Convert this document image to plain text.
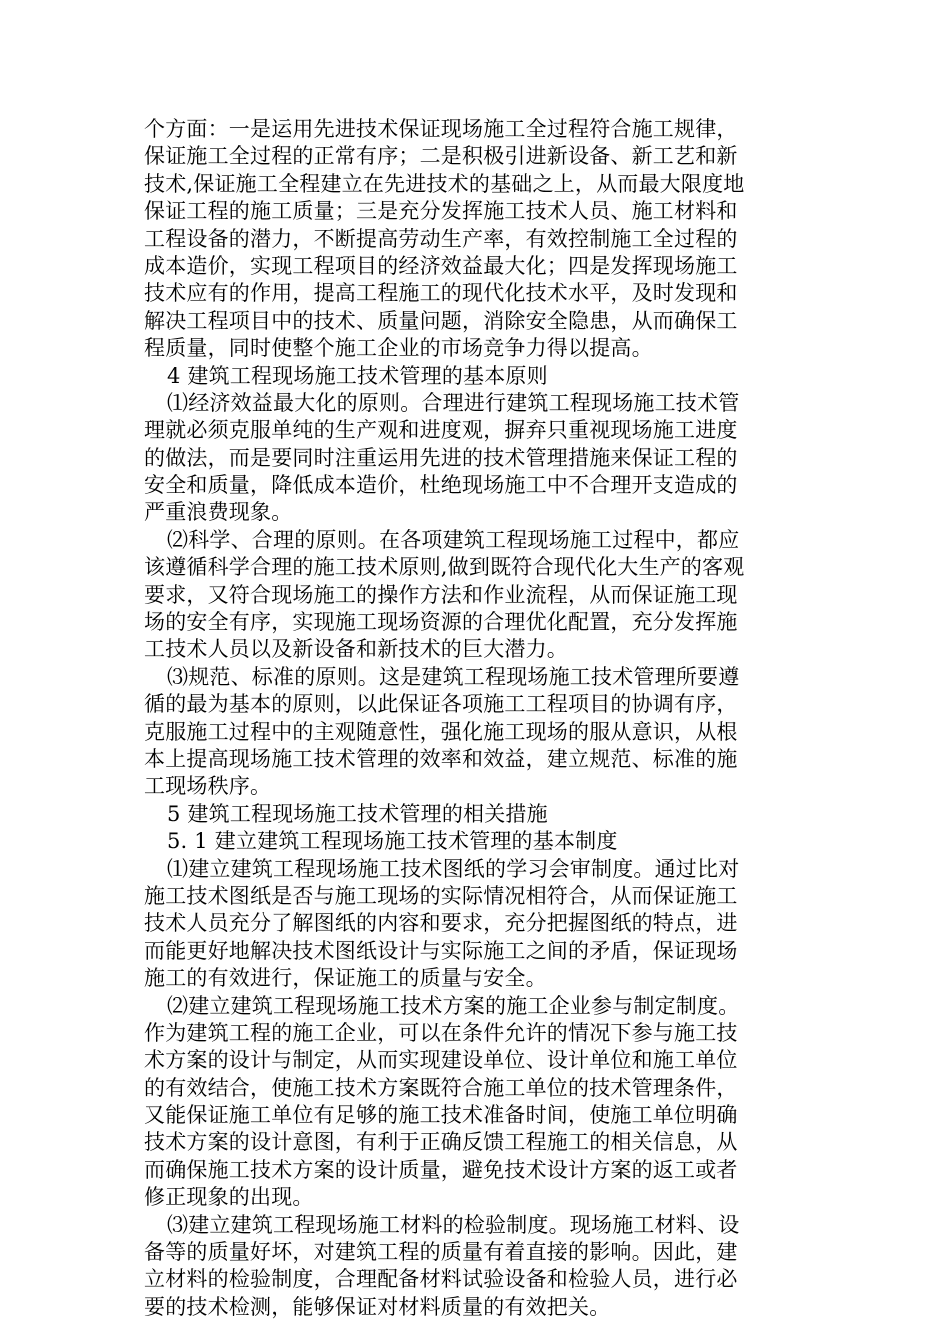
个方面：一是运用先进技术保证现场施工全过程符合施工规律，
保证施工全过程的正常有序；二是积极引进新设备、新工艺和新
技术,保证施工全程建立在先进技术的基础之上，从而最大限度地
保证工程的施工质量；三是充分发挥施工技术人员、施工材料和
工程设备的潜力，不断提高劳动生产率，有效控制施工全过程的
成本造价，实现工程项目的经济效益最大化；四是发挥现场施工
技术应有的作用，提高工程施工的现代化技术水平，及时发现和
解决工程项目中的技术、质量问题，消除安全隐患，从而确保工
程质量，同时使整个施工企业的市场竞争力得以提高。
4 建筑工程现场施工技术管理的基本原则
⑴经济效益最大化的原则。合理进行建筑工程现场施工技术管
理就必须克服单纯的生产观和进度观，摒弃只重视现场施工进度
的做法，而是要同时注重运用先进的技术管理措施来保证工程的
安全和质量，降低成本造价，杜绝现场施工中不合理开支造成的
严重浪费现象。
⑵科学、合理的原则。在各项建筑工程现场施工过程中，都应
该遵循科学合理的施工技术原则,做到既符合现代化大生产的客观
要求，又符合现场施工的操作方法和作业流程，从而保证施工现
场的安全有序，实现施工现场资源的合理优化配置，充分发挥施
工技术人员以及新设备和新技术的巨大潜力。
⑶规范、标准的原则。这是建筑工程现场施工技术管理所要遵
循的最为基本的原则，以此保证各项施工工程项目的协调有序，
克服施工过程中的主观随意性，强化施工现场的服从意识，从根
本上提高现场施工技术管理的效率和效益，建立规范、标准的施
工现场秩序。
5 建筑工程现场施工技术管理的相关措施
5. 1 建立建筑工程现场施工技术管理的基本制度
⑴建立建筑工程现场施工技术图纸的学习会审制度。通过比对
施工技术图纸是否与施工现场的实际情况相符合，从而保证施工
技术人员充分了解图纸的内容和要求，充分把握图纸的特点，进
而能更好地解决技术图纸设计与实际施工之间的矛盾，保证现场
施工的有效进行，保证施工的质量与安全。
⑵建立建筑工程现场施工技术方案的施工企业参与制定制度。
作为建筑工程的施工企业，可以在条件允许的情况下参与施工技
术方案的设计与制定，从而实现建设单位、设计单位和施工单位
的有效结合，使施工技术方案既符合施工单位的技术管理条件，
又能保证施工单位有足够的施工技术准备时间，使施工单位明确
技术方案的设计意图，有利于正确反馈工程施工的相关信息，从
而确保施工技术方案的设计质量，避免技术设计方案的返工或者
修正现象的出现。
⑶建立建筑工程现场施工材料的检验制度。现场施工材料、设
备等的质量好坏，对建筑工程的质量有着直接的影响。因此，建
立材料的检验制度，合理配备材料试验设备和检验人员，进行必
要的技术检测，能够保证对材料质量的有效把关。
